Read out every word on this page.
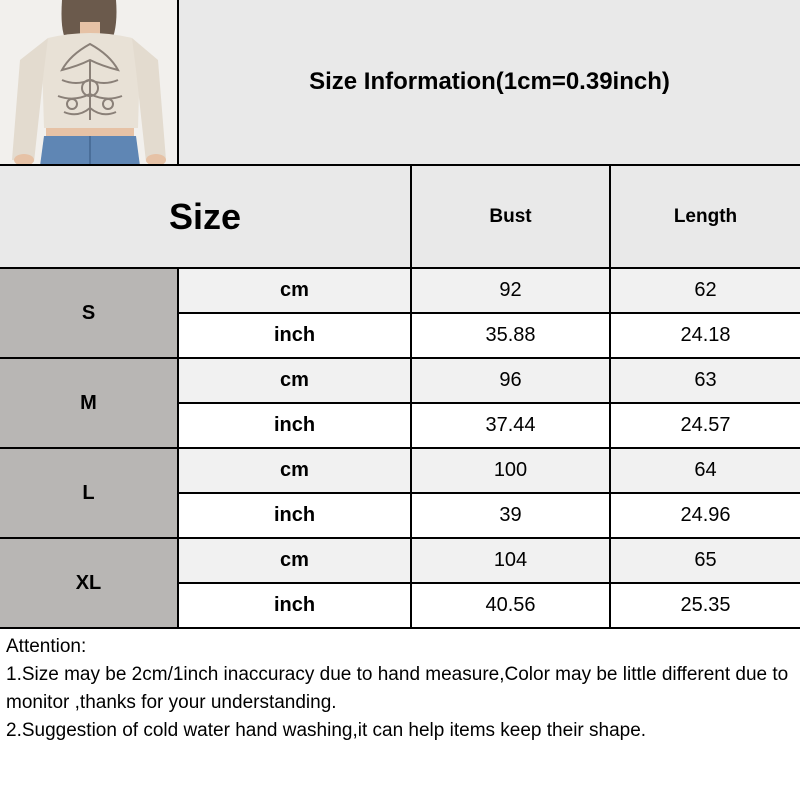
Size Information(1cm=0.39inch)
Size	Bust	Length
S
cm	92	62
inch	35.88	24.18
M
cm	96	63
inch	37.44	24.57
L
cm	100	64
inch	39	24.96
XL
cm	104	65
inch	40.56	25.35

Attention:

1.Size may be 2cm/1inch inaccuracy due to hand measure,Color may be little different due to monitor ,thanks for your understanding.

2.Suggestion of cold water hand washing,it can help items keep their shape.
